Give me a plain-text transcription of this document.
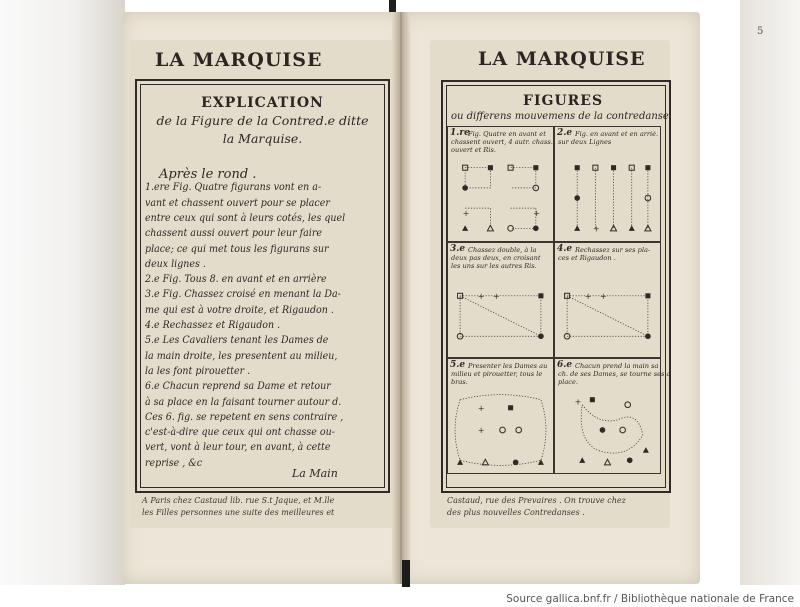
LA MARQUISE
EXPLICATION
de la Figure de la Contred.e ditte
la Marquise.
Après le rond .
1.ere Fig. Quatre figurans vont en a-
vant et chassent ouvert pour se placer
entre ceux qui sont à leurs cotés, les quel
chassent aussi ouvert pour leur faire
place; ce qui met tous les figurans sur
deux lignes .
2.e Fig. Tous 8. en avant et en arrière
3.e Fig. Chassez croisé en menant la Da-
me qui est à votre droite, et Rigaudon .
4.e Rechassez et Rigaudon .
5.e Les Cavaliers tenant les Dames de
la main droite, les presentent au milieu,
la les font pirouetter .
6.e Chacun reprend sa Dame et retour
à sa place en la faisant tourner autour d.
Ces 6. fig. se repetent en sens contraire ,
c'est-à-dire que ceux qui ont chasse ou-
vert, vont à leur tour, en avant, à cette
reprise , &c
La Main
A Paris chez Castaud lib. rue S.t Jaque, et M.lle
les Filles personnes une suite des meilleures et
LA MARQUISE
5
FIGURES
ou differens mouvemens de la contredanse
1.re
Fig. Quatre en avant et
chassent ouvert, 4 autr. chass.
ouvert et Ris.
+	+
2.e Fig. en avant et en arriè.
sur deux Lignes
+
3.e Chassez double, à la
deux pas deux, en croisant
les uns sur les autres Ris.
+ +
4.e Rechassez sur ses pla-
ces et Rigaudon .
+ +
5.e Presenter les Dames au
milieu et pirouetter, tous le
bras.
+
+
6.e Chacun prend la main sa
ch. de ses Dames, se tourne ses a
place.
+
Castaud, rue des Prevaires . On trouve chez
des plus nouvelles Contredanses .
Source gallica.bnf.fr / Bibliothèque nationale de France
